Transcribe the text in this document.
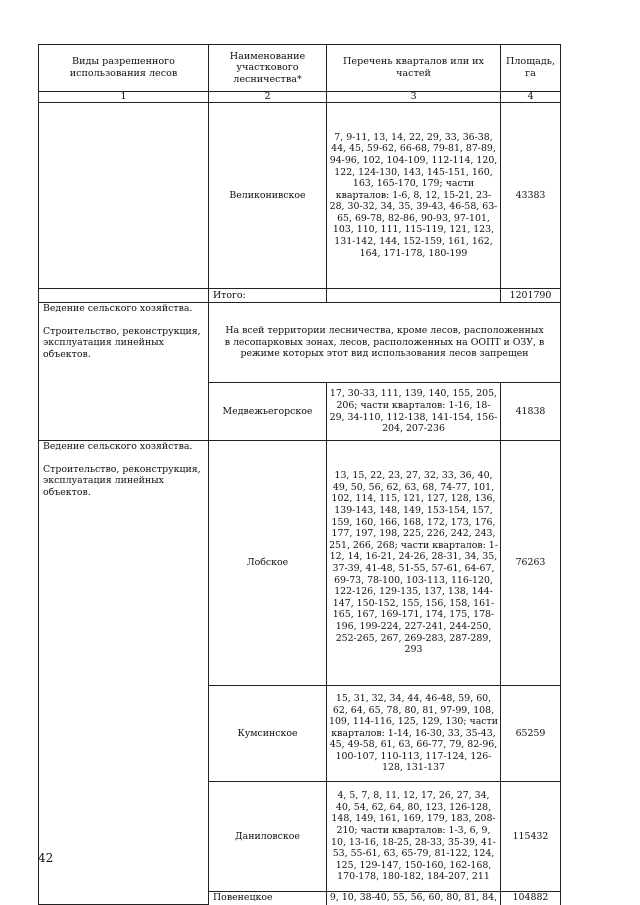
Виды разрешенного использования лесов	Наименование участкового лесничества*	Перечень кварталов или их частей	Площадь, га
1	2	3	4
	Великонивское	7, 9-11, 13, 14, 22, 29, 33, 36-38, 44, 45, 59-62, 66-68, 79-81, 87-89, 94-96, 102, 104-109, 112-114, 120, 122, 124-130, 143, 145-151, 160, 163, 165-170, 179; части кварталов: 1-6, 8, 12, 15-21, 23-28, 30-32, 34, 35, 39-43, 46-58, 63-65, 69-78, 82-86, 90-93, 97-101, 103, 110, 111, 115-119, 121, 123, 131-142, 144, 152-159, 161, 162, 164, 171-178, 180-199	43383
	Итого:		1201790
Ведение сельского хозяйства.
Строительство, реконструкция, эксплуатация линейных объектов.	На всей территории лесничества, кроме лесов, расположенных в лесопарковых зонах, лесов, расположенных на ООПТ и ОЗУ, в режиме которых этот вид использования лесов запрещен		
	Медвежьегорское	17, 30-33, 111, 139, 140, 155, 205, 206; части кварталов: 1-16, 18-29, 34-110, 112-138, 141-154, 156-204, 207-236	41838
Ведение сельского хозяйства.
Строительство, реконструкция, эксплуатация линейных объектов.	Лобское	13, 15, 22, 23, 27, 32, 33, 36, 40, 49, 50, 56, 62, 63, 68, 74-77, 101, 102, 114, 115, 121, 127, 128, 136, 139-143, 148, 149, 153-154, 157, 159, 160, 166, 168, 172, 173, 176, 177, 197, 198, 225, 226, 242, 243, 251, 266, 268; части кварталов: 1-12, 14, 16-21, 24-26, 28-31, 34, 35, 37-39, 41-48, 51-55, 57-61, 64-67, 69-73, 78-100, 103-113, 116-120, 122-126, 129-135, 137, 138, 144-147, 150-152, 155, 156, 158, 161-165, 167, 169-171, 174, 175, 178-196, 199-224, 227-241, 244-250, 252-265, 267, 269-283, 287-289, 293	76263
	Кумсинское	15, 31, 32, 34, 44, 46-48, 59, 60, 62, 64, 65, 78, 80, 81, 97-99, 108, 109, 114-116, 125, 129, 130; части кварталов: 1-14, 16-30, 33, 35-43, 45, 49-58, 61, 63, 66-77, 79, 82-96, 100-107, 110-113, 117-124, 126-128, 131-137	65259
	Даниловское	4, 5, 7, 8, 11, 12, 17, 26, 27, 34, 40, 54, 62, 64, 80, 123, 126-128, 148, 149, 161, 169, 179, 183, 208-210; части кварталов: 1-3, 6, 9, 10, 13-16, 18-25, 28-33, 35-39, 41-53, 55-61, 63, 65-79, 81-122, 124, 125, 129-147, 150-160, 162-168, 170-178, 180-182, 184-207, 211	115432
	Повенецкое	9, 10, 38-40, 55, 56, 60, 80, 81, 84,	104882
42
